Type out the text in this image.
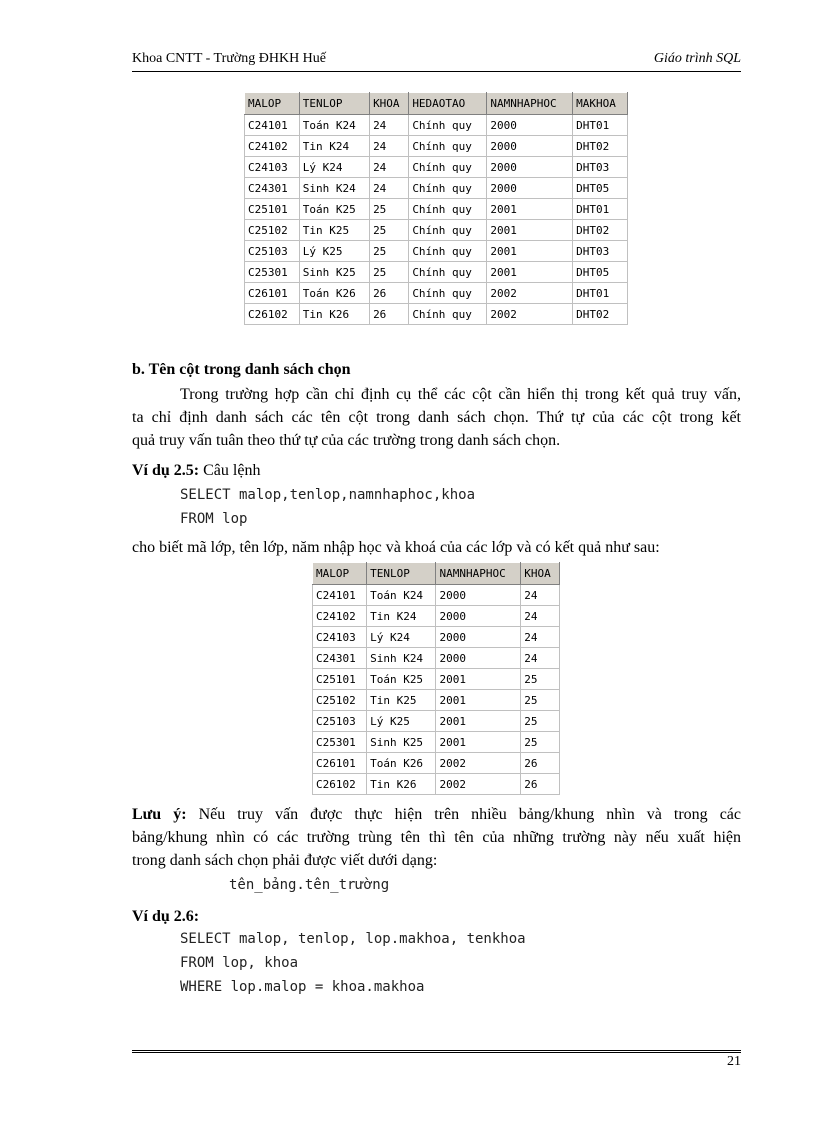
Khoa CNTT - Trường ĐHKH Huế	Giáo trình SQL
MALOP	TENLOP	KHOA	HEDAOTAO	NAMNHAPHOC	MAKHOA
C24101	Toán K24	24	Chính quy	2000	DHT01
C24102	Tin K24	24	Chính quy	2000	DHT02
C24103	Lý K24	24	Chính quy	2000	DHT03
C24301	Sinh K24	24	Chính quy	2000	DHT05
C25101	Toán K25	25	Chính quy	2001	DHT01
C25102	Tin K25	25	Chính quy	2001	DHT02
C25103	Lý K25	25	Chính quy	2001	DHT03
C25301	Sinh K25	25	Chính quy	2001	DHT05
C26101	Toán K26	26	Chính quy	2002	DHT01
C26102	Tin K26	26	Chính quy	2002	DHT02
b. Tên cột trong danh sách chọn
Trong trường hợp cần chỉ định cụ thể các cột cần hiển thị trong kết quả truy vấn,
ta chỉ định danh sách các tên cột trong danh sách chọn. Thứ tự của các cột trong kết
quả truy vấn tuân theo thứ tự của các trường trong danh sách chọn.
Ví dụ 2.5: Câu lệnh
SELECT malop,tenlop,namnhaphoc,khoa
FROM lop
cho biết mã lớp, tên lớp, năm nhập học và khoá của các lớp và có kết quả như sau:
MALOP	TENLOP	NAMNHAPHOC	KHOA
C24101	Toán K24	2000	24
C24102	Tin K24	2000	24
C24103	Lý K24	2000	24
C24301	Sinh K24	2000	24
C25101	Toán K25	2001	25
C25102	Tin K25	2001	25
C25103	Lý K25	2001	25
C25301	Sinh K25	2001	25
C26101	Toán K26	2002	26
C26102	Tin K26	2002	26
Lưu ý: Nếu truy vấn được thực hiện trên nhiều bảng/khung nhìn và trong các
bảng/khung nhìn có các trường trùng tên thì tên của những trường này nếu xuất hiện
trong danh sách chọn phải được viết dưới dạng:
tên_bảng.tên_trường
Ví dụ 2.6:
SELECT malop, tenlop, lop.makhoa, tenkhoa
FROM lop, khoa
WHERE lop.malop = khoa.makhoa
21
